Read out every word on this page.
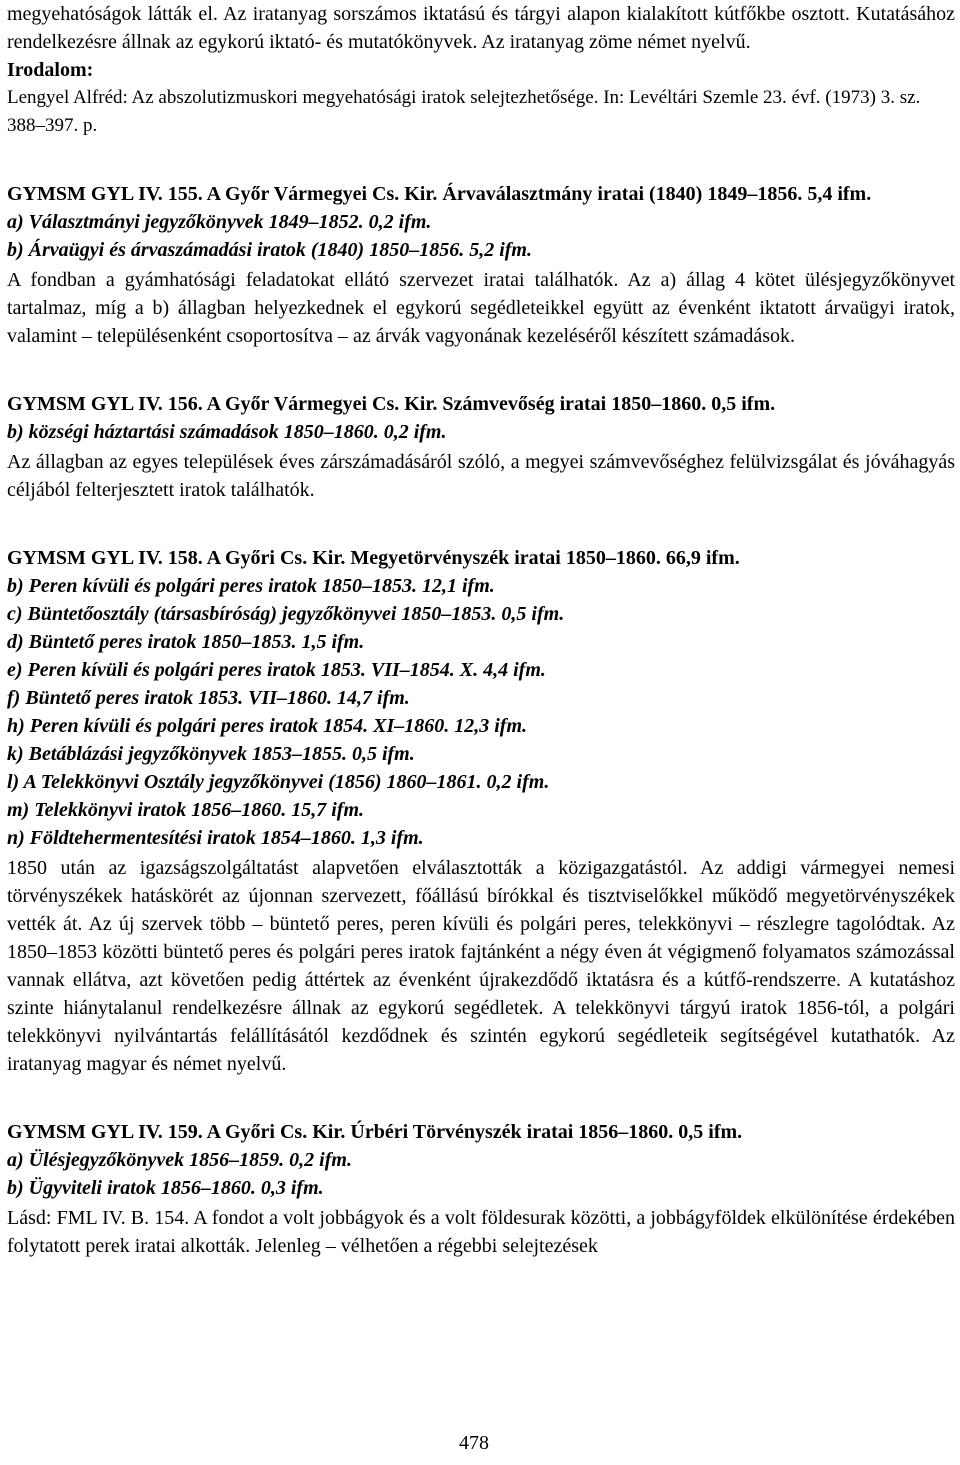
megyehatóságok látták el. Az iratanyag sorszámos iktatású és tárgyi alapon kialakított kútfőkbe osztott. Kutatásához rendelkezésre állnak az egykorú iktató- és mutatókönyvek. Az iratanyag zöme német nyelvű.

Irodalom:

Lengyel Alfréd: Az abszolutizmuskori megyehatósági iratok selejtezhetősége. In: Levéltári Szemle 23. évf. (1973) 3. sz. 388–397. p.

GYMSM GYL IV. 155. A Győr Vármegyei Cs. Kir. Árvaválasztmány iratai (1840) 1849–1856. 5,4 ifm.

a) Választmányi jegyzőkönyvek 1849–1852. 0,2 ifm.

b) Árvaügyi és árvaszámadási iratok (1840) 1850–1856. 5,2 ifm.

A fondban a gyámhatósági feladatokat ellátó szervezet iratai találhatók. Az a) állag 4 kötet ülésjegyzőkönyvet tartalmaz, míg a b) állagban helyezkednek el egykorú segédleteikkel együtt az évenként iktatott árvaügyi iratok, valamint – településenként csoportosítva – az árvák vagyonának kezeléséről készített számadások.

GYMSM GYL IV. 156. A Győr Vármegyei Cs. Kir. Számvevőség iratai 1850–1860. 0,5 ifm.

b) községi háztartási számadások 1850–1860. 0,2 ifm.

Az állagban az egyes települések éves zárszámadásáról szóló, a megyei számvevőséghez felülvizsgálat és jóváhagyás céljából felterjesztett iratok találhatók.

GYMSM GYL IV. 158. A Győri Cs. Kir. Megyetörvényszék iratai 1850–1860. 66,9 ifm.

b) Peren kívüli és polgári peres iratok 1850–1853. 12,1 ifm.

c) Büntetőosztály (társasbíróság) jegyzőkönyvei 1850–1853. 0,5 ifm.

d) Büntető peres iratok 1850–1853. 1,5 ifm.

e) Peren kívüli és polgári peres iratok 1853. VII–1854. X. 4,4 ifm.

f) Büntető peres iratok 1853. VII–1860. 14,7 ifm.

h) Peren kívüli és polgári peres iratok 1854. XI–1860. 12,3 ifm.

k) Betáblázási jegyzőkönyvek 1853–1855. 0,5 ifm.

l) A Telekkönyvi Osztály jegyzőkönyvei (1856) 1860–1861. 0,2 ifm.

m) Telekkönyvi iratok 1856–1860. 15,7 ifm.

n) Földtehermentesítési iratok 1854–1860. 1,3 ifm.

1850 után az igazságszolgáltatást alapvetően elválasztották a közigazgatástól. Az addigi vármegyei nemesi törvényszékek hatáskörét az újonnan szervezett, főállású bírókkal és tisztviselőkkel működő megyetörvényszékek vették át. Az új szervek több – büntető peres, peren kívüli és polgári peres, telekkönyvi – részlegre tagolódtak. Az 1850–1853 közötti büntető peres és polgári peres iratok fajtánként a négy éven át végigmenő folyamatos számozással vannak ellátva, azt követően pedig áttértek az évenként újrakezdődő iktatásra és a kútfő-rendszerre. A kutatáshoz szinte hiánytalanul rendelkezésre állnak az egykorú segédletek. A telekkönyvi tárgyú iratok 1856-tól, a polgári telekkönyvi nyilvántartás felállításától kezdődnek és szintén egykorú segédleteik segítségével kutathatók. Az iratanyag magyar és német nyelvű.

GYMSM GYL IV. 159. A Győri Cs. Kir. Úrbéri Törvényszék iratai 1856–1860. 0,5 ifm.

a) Ülésjegyzőkönyvek 1856–1859. 0,2 ifm.

b) Ügyviteli iratok 1856–1860. 0,3 ifm.

Lásd: FML IV. B. 154. A fondot a volt jobbágyok és a volt földesurak közötti, a jobbágyföldek elkülönítése érdekében folytatott perek iratai alkották. Jelenleg – vélhetően a régebbi selejtezések

478
